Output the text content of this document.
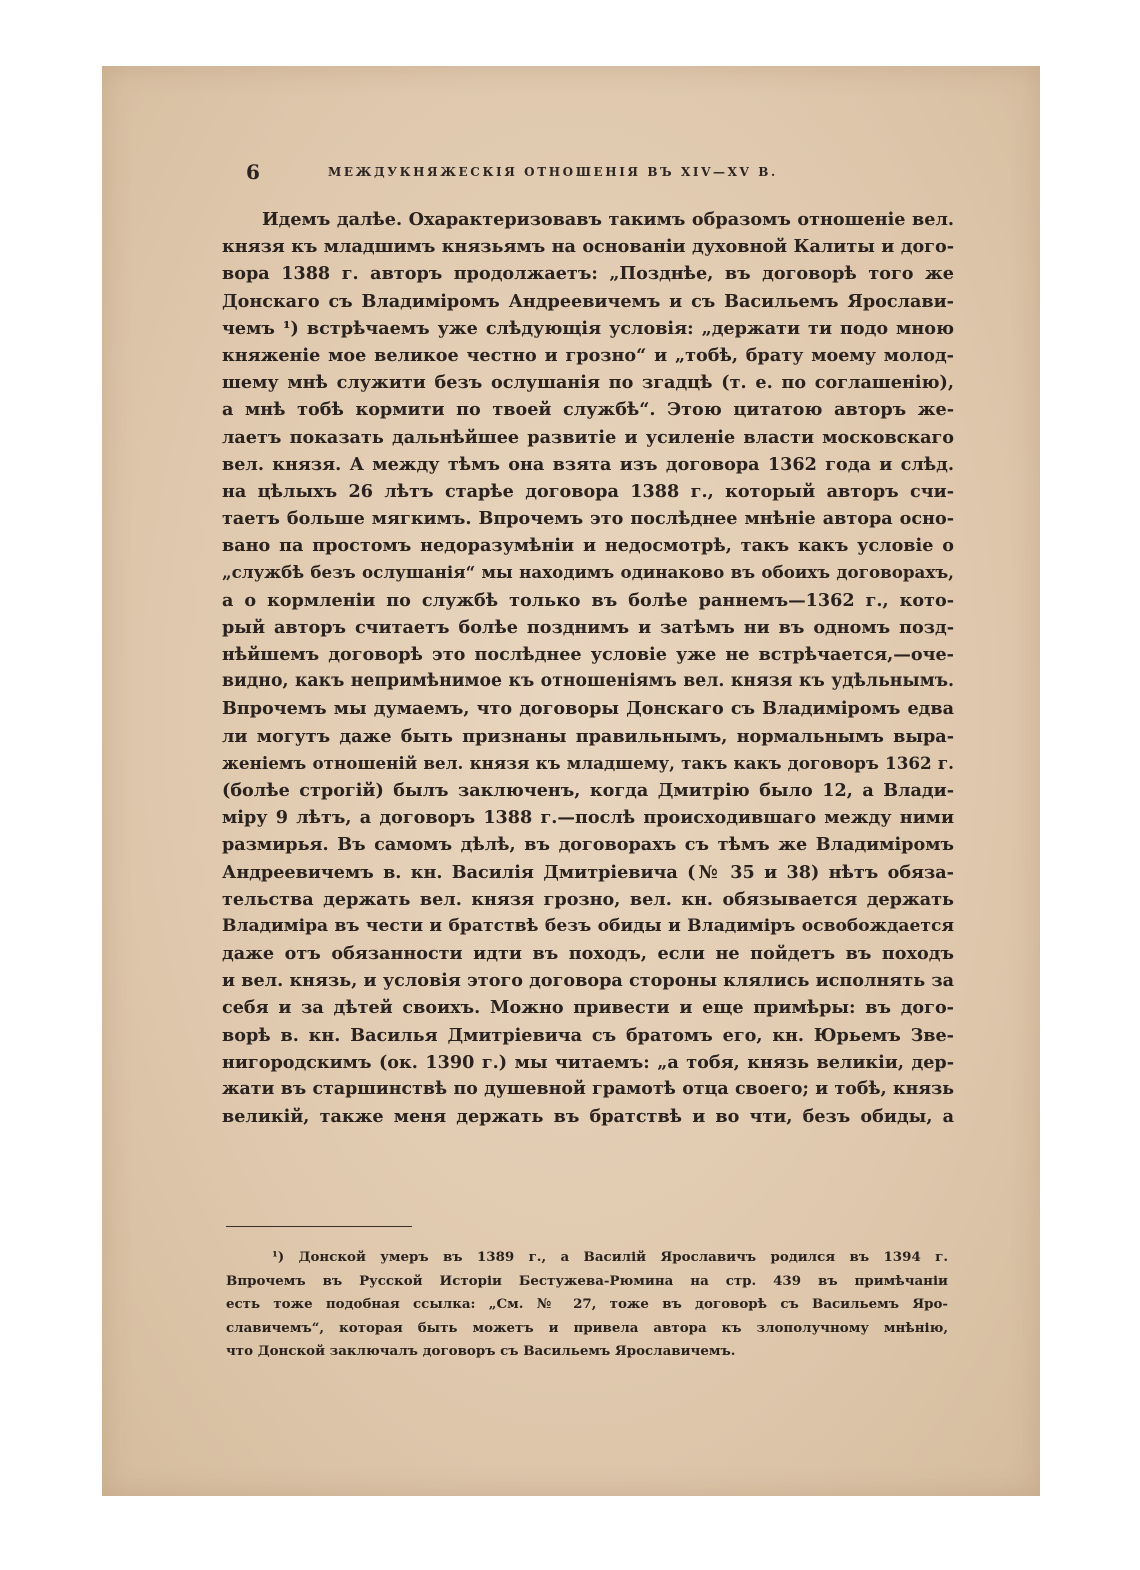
6	МЕЖДУКНЯЖЕСКІЯ ОТНОШЕНІЯ ВЪ XIV—XV В.
Идемъ далѣе. Охарактеризовавъ такимъ образомъ отношеніе вел.
князя къ младшимъ князьямъ на основаніи духовной Калиты и дого-
вора 1388 г. авторъ продолжаетъ: „Позднѣе, въ договорѣ того же
Донскаго съ Владиміромъ Андреевичемъ и съ Васильемъ Ярослави-
чемъ ¹) встрѣчаемъ уже слѣдующія условія: „держати ти подо мною
княженіе мое великое честно и грозно“ и „тобѣ, брату моему молод-
шему мнѣ служити безъ ослушанія по згадцѣ (т. е. по соглашенію),
а мнѣ тобѣ кормити по твоей службѣ“. Этою цитатою авторъ же-
лаетъ показать дальнѣйшее развитіе и усиленіе власти московскаго
вел. князя. А между тѣмъ она взята изъ договора 1362 года и слѣд.
на цѣлыхъ 26 лѣтъ старѣе договора 1388 г., который авторъ счи-
таетъ больше мягкимъ. Впрочемъ это послѣднее мнѣніе автора осно-
вано па простомъ недоразумѣніи и недосмотрѣ, такъ какъ условіе о
„службѣ безъ ослушанія“ мы находимъ одинаково въ обоихъ договорахъ,
а о кормленіи по службѣ только въ болѣе раннемъ—1362 г., кото-
рый авторъ считаетъ болѣе позднимъ и затѣмъ ни въ одномъ позд-
нѣйшемъ договорѣ это послѣднее условіе уже не встрѣчается,—оче-
видно, какъ непримѣнимое къ отношеніямъ вел. князя къ удѣльнымъ.
Впрочемъ мы думаемъ, что договоры Донскаго съ Владиміромъ едва
ли могутъ даже быть признаны правильнымъ, нормальнымъ выра-
женіемъ отношеній вел. князя къ младшему, такъ какъ договоръ 1362 г.
(болѣе строгій) былъ заключенъ, когда Дмитрію было 12, а Влади-
міру 9 лѣтъ, а договоръ 1388 г.—послѣ происходившаго между ними
размирья. Въ самомъ дѣлѣ, въ договорахъ съ тѣмъ же Владиміромъ
Андреевичемъ в. кн. Василія Дмитріевича (№ 35 и 38) нѣтъ обяза-
тельства держать вел. князя грозно, вел. кн. обязывается держать
Владиміра въ чести и братствѣ безъ обиды и Владиміръ освобождается
даже отъ обязанности идти въ походъ, если не пойдетъ въ походъ
и вел. князь, и условія этого договора стороны клялись исполнять за
себя и за дѣтей своихъ. Можно привести и еще примѣры: въ дого-
ворѣ в. кн. Василья Дмитріевича съ братомъ его, кн. Юрьемъ Зве-
нигородскимъ (ок. 1390 г.) мы читаемъ: „а тобя, князь великіи, дер-
жати въ старшинствѣ по душевной грамотѣ отца своего; и тобѣ, князь
великій, также меня держать въ братствѣ и во чти, безъ обиды, а
¹) Донской умеръ въ 1389 г., а Василій Ярославичъ родился въ 1394 г.
Впрочемъ въ Русской Исторіи Бестужева-Рюмина на стр. 439 въ примѣчаніи
есть тоже подобная ссылка: „См. № 27, тоже въ договорѣ съ Васильемъ Яро-
славичемъ“, которая быть можетъ и привела автора къ злополучному мнѣнію,
что Донской заключалъ договоръ съ Васильемъ Ярославичемъ.
